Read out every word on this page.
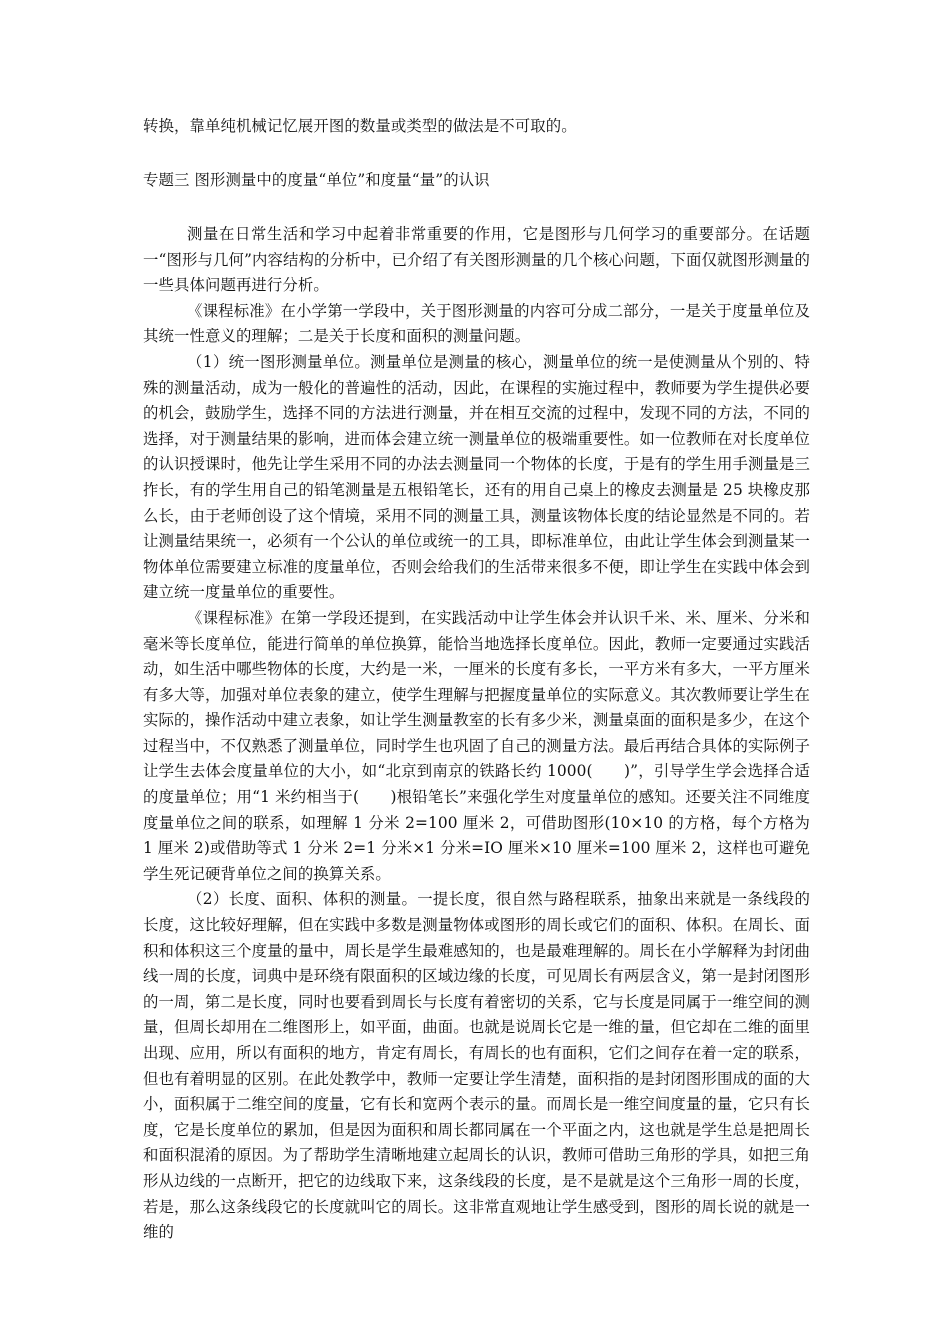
转换，靠单纯机械记忆展开图的数量或类型的做法是不可取的。

专题三 图形测量中的度量“单位”和度量“量”的认识

测量在日常生活和学习中起着非常重要的作用，它是图形与几何学习的重要部分。在话题一“图形与几何”内容结构的分析中，已介绍了有关图形测量的几个核心问题，下面仅就图形测量的一些具体问题再进行分析。

《课程标准》在小学第一学段中，关于图形测量的内容可分成二部分，一是关于度量单位及其统一性意义的理解；二是关于长度和面积的测量问题。

（1）统一图形测量单位。测量单位是测量的核心，测量单位的统一是使测量从个别的、特殊的测量活动，成为一般化的普遍性的活动，因此，在课程的实施过程中，教师要为学生提供必要的机会，鼓励学生，选择不同的方法进行测量，并在相互交流的过程中，发现不同的方法，不同的选择，对于测量结果的影响，进而体会建立统一测量单位的极端重要性。如一位教师在对长度单位的认识授课时，他先让学生采用不同的办法去测量同一个物体的长度，于是有的学生用手测量是三拃长，有的学生用自己的铅笔测量是五根铅笔长，还有的用自己桌上的橡皮去测量是 25 块橡皮那么长，由于老师创设了这个情境，采用不同的测量工具，测量该物体长度的结论显然是不同的。若让测量结果统一，必须有一个公认的单位或统一的工具，即标准单位，由此让学生体会到测量某一物体单位需要建立标准的度量单位，否则会给我们的生活带来很多不便，即让学生在实践中体会到建立统一度量单位的重要性。

《课程标准》在第一学段还提到，在实践活动中让学生体会并认识千米、米、厘米、分米和毫米等长度单位，能进行简单的单位换算，能恰当地选择长度单位。因此，教师一定要通过实践活动，如生活中哪些物体的长度，大约是一米，一厘米的长度有多长，一平方米有多大，一平方厘米有多大等，加强对单位表象的建立，使学生理解与把握度量单位的实际意义。其次教师要让学生在实际的，操作活动中建立表象，如让学生测量教室的长有多少米，测量桌面的面积是多少，在这个过程当中，不仅熟悉了测量单位，同时学生也巩固了自己的测量方法。最后再结合具体的实际例子让学生去体会度量单位的大小，如“北京到南京的铁路长约 1000(　　)”，引导学生学会选择合适的度量单位；用“1 米约相当于(　　)根铅笔长”来强化学生对度量单位的感知。还要关注不同维度度量单位之间的联系，如理解 1 分米 2=100 厘米 2，可借助图形(10×10 的方格，每个方格为 1 厘米 2)或借助等式 1 分米 2=1 分米×1 分米=IO 厘米×10 厘米=100 厘米 2，这样也可避免学生死记硬背单位之间的换算关系。

（2）长度、面积、体积的测量。一提长度，很自然与路程联系，抽象出来就是一条线段的长度，这比较好理解，但在实践中多数是测量物体或图形的周长或它们的面积、体积。在周长、面积和体积这三个度量的量中，周长是学生最难感知的，也是最难理解的。周长在小学解释为封闭曲线一周的长度，词典中是环绕有限面积的区域边缘的长度，可见周长有两层含义，第一是封闭图形的一周，第二是长度，同时也要看到周长与长度有着密切的关系，它与长度是同属于一维空间的测量，但周长却用在二维图形上，如平面，曲面。也就是说周长它是一维的量，但它却在二维的面里出现、应用，所以有面积的地方，肯定有周长，有周长的也有面积，它们之间存在着一定的联系，但也有着明显的区别。在此处教学中，教师一定要让学生清楚，面积指的是封闭图形围成的面的大小，面积属于二维空间的度量，它有长和宽两个表示的量。而周长是一维空间度量的量，它只有长度，它是长度单位的累加，但是因为面积和周长都同属在一个平面之内，这也就是学生总是把周长和面积混淆的原因。为了帮助学生清晰地建立起周长的认识，教师可借助三角形的学具，如把三角形从边线的一点断开，把它的边线取下来，这条线段的长度，是不是就是这个三角形一周的长度，若是，那么这条线段它的长度就叫它的周长。这非常直观地让学生感受到，图形的周长说的就是一维的
